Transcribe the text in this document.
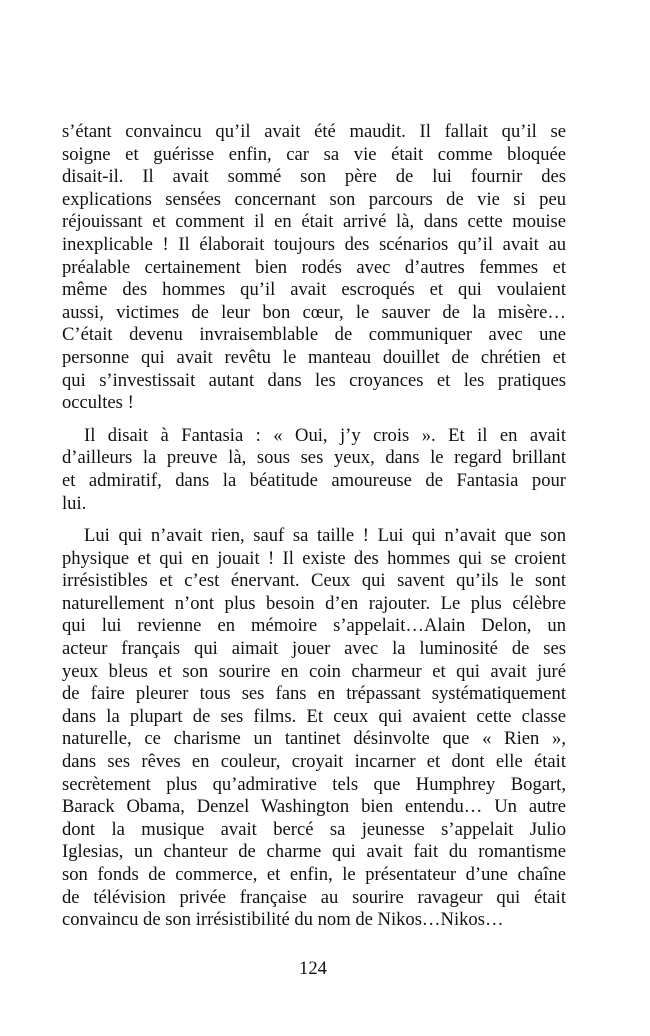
s’étant convaincu qu’il avait été maudit. Il fallait qu’il se
soigne et guérisse enfin, car sa vie était comme bloquée
disait-il. Il avait sommé son père de lui fournir des
explications sensées concernant son parcours de vie si peu
réjouissant et comment il en était arrivé là, dans cette mouise
inexplicable ! Il élaborait toujours des scénarios qu’il avait au
préalable certainement bien rodés avec d’autres femmes et
même des hommes qu’il avait escroqués et qui voulaient
aussi, victimes de leur bon cœur, le sauver de la misère…
C’était devenu invraisemblable de communiquer avec une
personne qui avait revêtu le manteau douillet de chrétien et
qui s’investissait autant dans les croyances et les pratiques
occultes !
Il disait à Fantasia : « Oui, j’y crois ». Et il en avait
d’ailleurs la preuve là, sous ses yeux, dans le regard brillant
et admiratif, dans la béatitude amoureuse de Fantasia pour
lui.
Lui qui n’avait rien, sauf sa taille ! Lui qui n’avait que son
physique et qui en jouait ! Il existe des hommes qui se croient
irrésistibles et c’est énervant. Ceux qui savent qu’ils le sont
naturellement n’ont plus besoin d’en rajouter. Le plus célèbre
qui lui revienne en mémoire s’appelait…Alain Delon, un
acteur français qui aimait jouer avec la luminosité de ses
yeux bleus et son sourire en coin charmeur et qui avait juré
de faire pleurer tous ses fans en trépassant systématiquement
dans la plupart de ses films. Et ceux qui avaient cette classe
naturelle, ce charisme un tantinet désinvolte que « Rien »,
dans ses rêves en couleur, croyait incarner et dont elle était
secrètement plus qu’admirative tels que Humphrey Bogart,
Barack Obama, Denzel Washington bien entendu… Un autre
dont la musique avait bercé sa jeunesse s’appelait Julio
Iglesias, un chanteur de charme qui avait fait du romantisme
son fonds de commerce, et enfin, le présentateur d’une chaîne
de télévision privée française au sourire ravageur qui était
convaincu de son irrésistibilité du nom de Nikos…Nikos…
124
